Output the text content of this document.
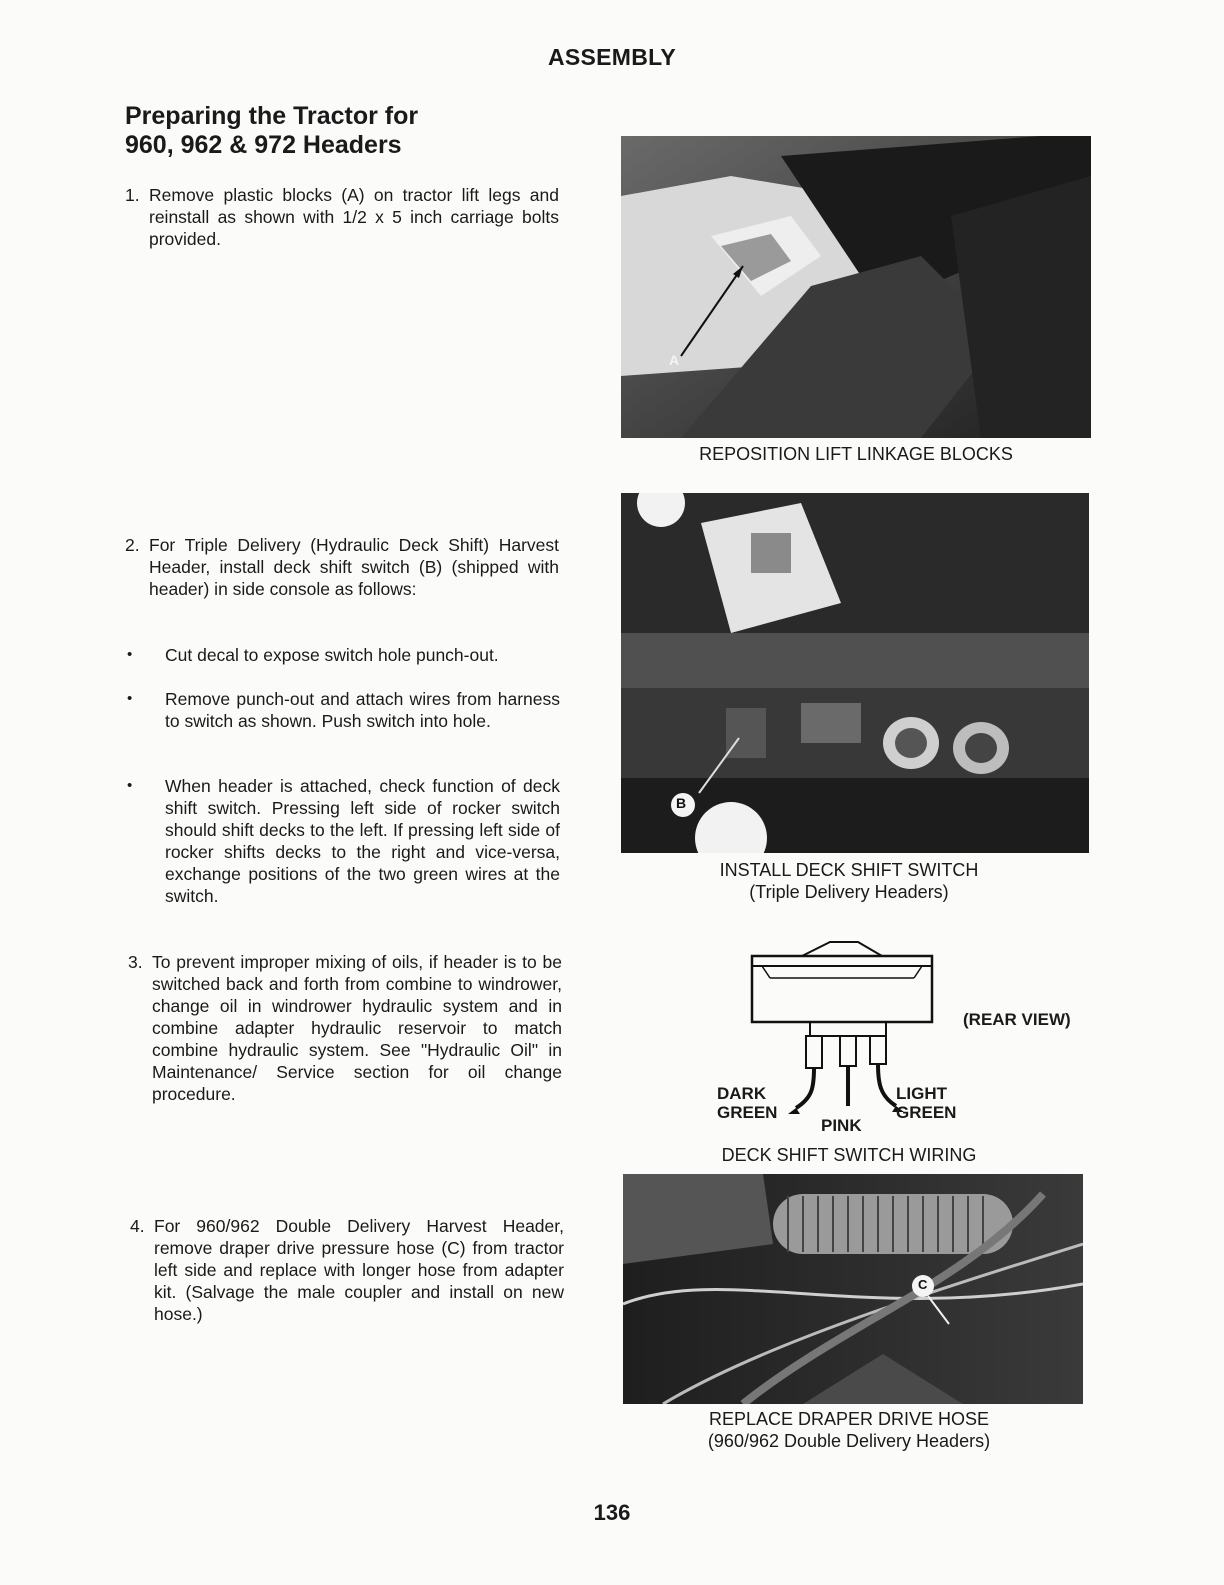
ASSEMBLY
Preparing the Tractor for
960, 962 & 972 Headers
1. Remove plastic blocks (A) on tractor lift legs and reinstall as shown with 1/2 x 5 inch carriage bolts provided.
2. For Triple Delivery (Hydraulic Deck Shift) Harvest Header, install deck shift switch (B) (shipped with header) in side console as follows:
• Cut decal to expose switch hole punch-out.
• Remove punch-out and attach wires from harness to switch as shown. Push switch into hole.
• When header is attached, check function of deck shift switch. Pressing left side of rocker switch should shift decks to the left. If pressing left side of rocker shifts decks to the right and vice-versa, exchange positions of the two green wires at the switch.
3. To prevent improper mixing of oils, if header is to be switched back and forth from combine to windrower, change oil in windrower hydraulic system and in combine adapter hydraulic reservoir to match combine hydraulic system. See "Hydraulic Oil" in Maintenance/ Service section for oil change procedure.
4. For 960/962 Double Delivery Harvest Header, remove draper drive pressure hose (C) from tractor left side and replace with longer hose from adapter kit. (Salvage the male coupler and install on new hose.)
A
REPOSITION LIFT LINKAGE BLOCKS
B
INSTALL DECK SHIFT SWITCH
(Triple Delivery Headers)
(REAR VIEW)
DARK
GREEN
PINK
LIGHT
GREEN
DECK SHIFT SWITCH WIRING
C
REPLACE DRAPER DRIVE HOSE
(960/962 Double Delivery Headers)
136
